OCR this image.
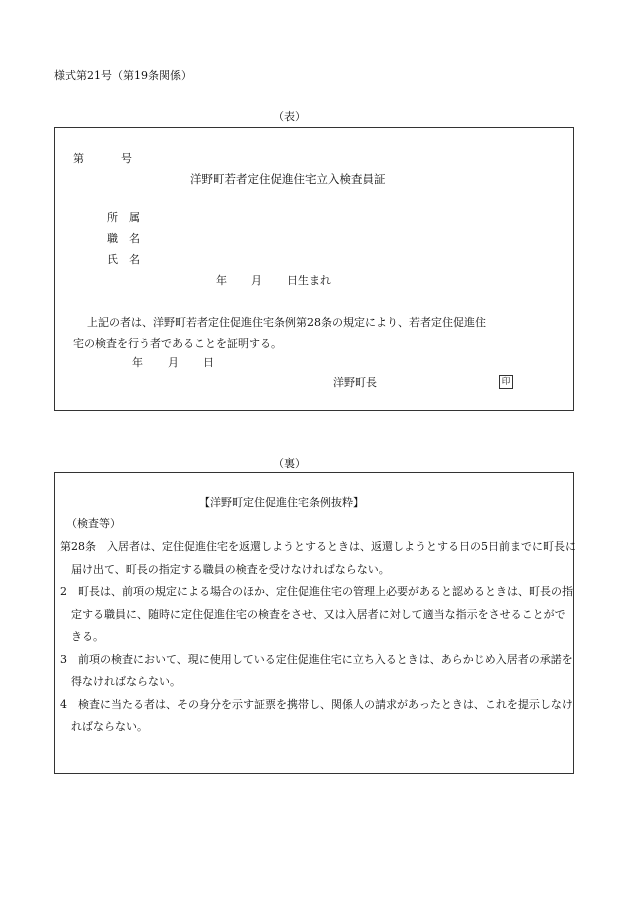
様式第21号（第19条関係）
（表）
第	号
洋野町若者定住促進住宅立入検査員証
所　属
職　名
氏　名
年 月 日生まれ
上記の者は、洋野町若者定住促進住宅条例第28条の規定により、若者定住促進住
宅の検査を行う者であることを証明する。
年 月 日
洋野町長	印
（裏）
【洋野町定住促進住宅条例抜粋】
（検査等）

第28条　入居者は、定住促進住宅を返還しようとするときは、返還しようとする日の5日前までに町長に届け出て、町長の指定する職員の検査を受けなければならない。

2　町長は、前項の規定による場合のほか、定住促進住宅の管理上必要があると認めるときは、町長の指定する職員に、随時に定住促進住宅の検査をさせ、又は入居者に対して適当な指示をさせることができる。

3　前項の検査において、現に使用している定住促進住宅に立ち入るときは、あらかじめ入居者の承諾を得なければならない。

4　検査に当たる者は、その身分を示す証票を携帯し、関係人の請求があったときは、これを提示しなければならない。
